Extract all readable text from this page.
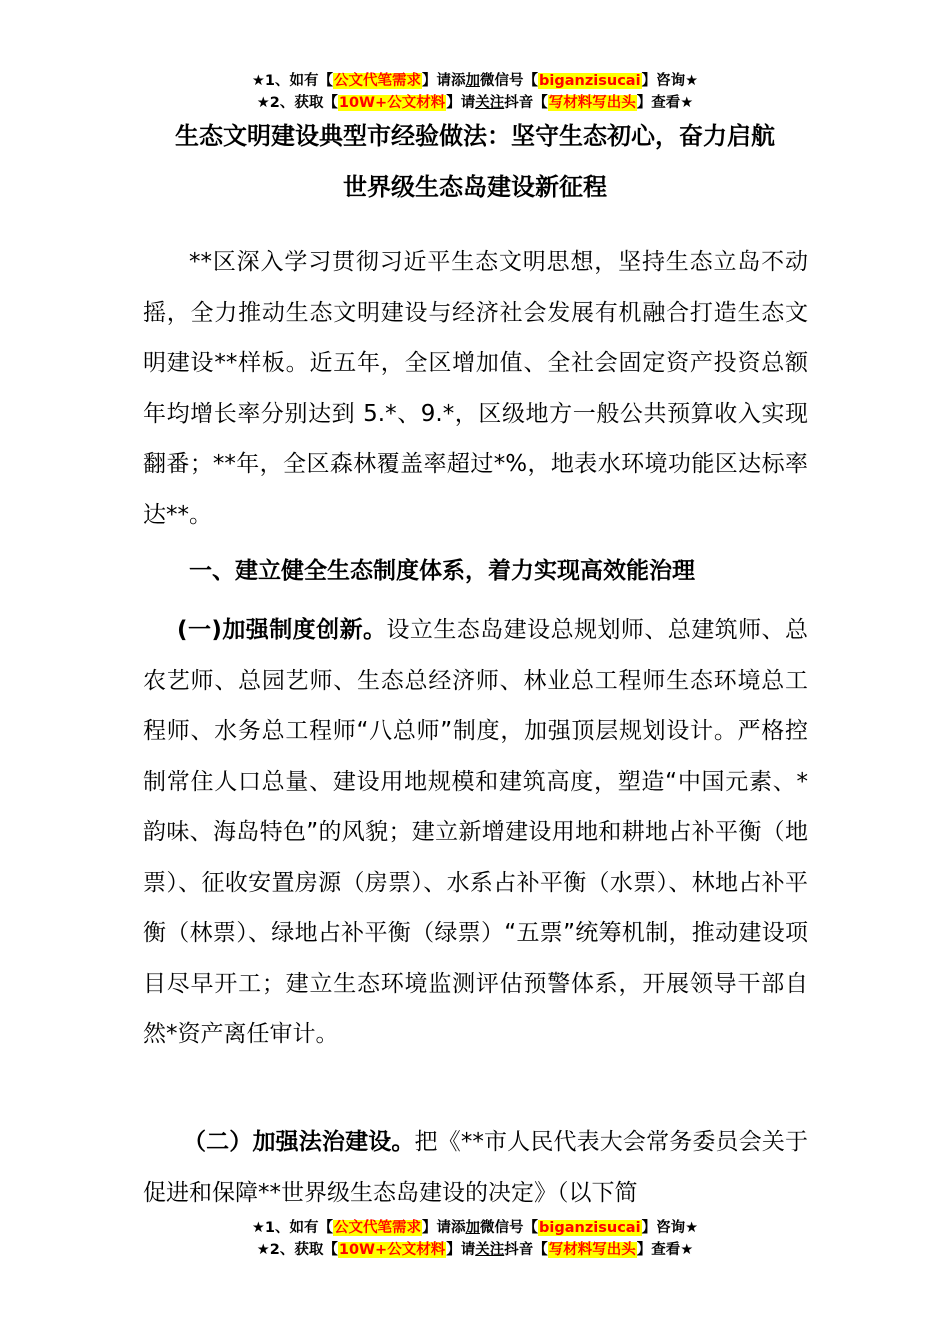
★1、如有【公文代笔需求】请添加微信号【biganzisucai】咨询★
★2、获取【10W+公文材料】请关注抖音【写材料写出头】查看★
生态文明建设典型市经验做法：坚守生态初心，奋力启航
世界级生态岛建设新征程
**区深入学习贯彻习近平生态文明思想，坚持生态立岛不动摇，全力推动生态文明建设与经济社会发展有机融合打造生态文明建设**样板。近五年，全区增加值、全社会固定资产投资总额年均增长率分别达到 5.*、9.*，区级地方一般公共预算收入实现翻番；**年，全区森林覆盖率超过*%，地表水环境功能区达标率达**。
一、建立健全生态制度体系，着力实现高效能治理
(一)加强制度创新。设立生态岛建设总规划师、总建筑师、总农艺师、总园艺师、生态总经济师、林业总工程师生态环境总工程师、水务总工程师“八总师”制度，加强顶层规划设计。严格控制常住人口总量、建设用地规模和建筑高度，塑造“中国元素、*韵味、海岛特色”的风貌；建立新增建设用地和耕地占补平衡（地票）、征收安置房源（房票）、水系占补平衡（水票）、林地占补平衡（林票）、绿地占补平衡（绿票）“五票”统筹机制，推动建设项目尽早开工；建立生态环境监测评估预警体系，开展领导干部自然*资产离任审计。
（二）加强法治建设。把《**市人民代表大会常务委员会关于促进和保障**世界级生态岛建设的决定》（以下简
★1、如有【公文代笔需求】请添加微信号【biganzisucai】咨询★
★2、获取【10W+公文材料】请关注抖音【写材料写出头】查看★
